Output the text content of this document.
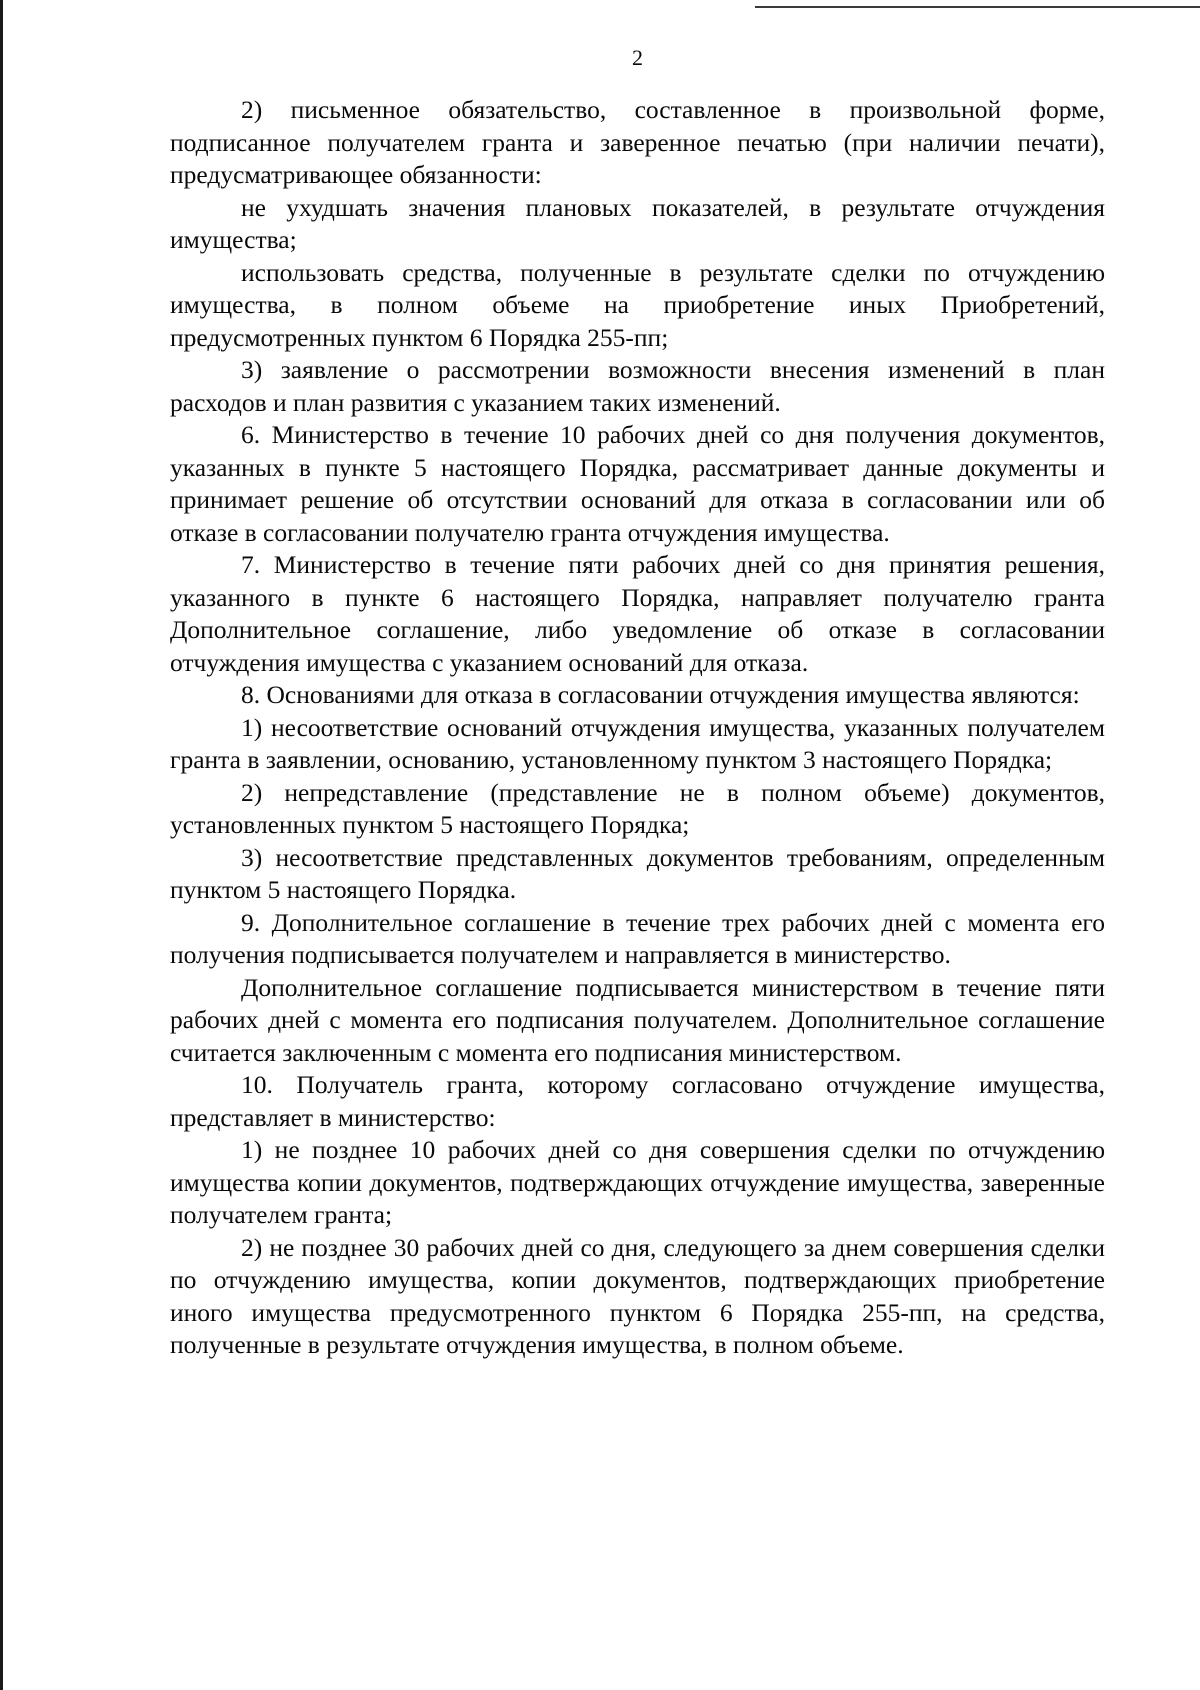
2

2) письменное обязательство, составленное в произвольной форме, подписанное получателем гранта и заверенное печатью (при наличии печати), предусматривающее обязанности:

не ухудшать значения плановых показателей, в результате отчуждения имущества;

использовать средства, полученные в результате сделки по отчуждению имущества, в полном объеме на приобретение иных Приобретений, предусмотренных пунктом 6 Порядка 255-пп;

3) заявление о рассмотрении возможности внесения изменений в план расходов и план развития с указанием таких изменений.

6. Министерство в течение 10 рабочих дней со дня получения документов, указанных в пункте 5 настоящего Порядка, рассматривает данные документы и принимает решение об отсутствии оснований для отказа в согласовании или об отказе в согласовании получателю гранта отчуждения имущества.

7. Министерство в течение пяти рабочих дней со дня принятия решения, указанного в пункте 6 настоящего Порядка, направляет получателю гранта Дополнительное соглашение, либо уведомление об отказе в согласовании отчуждения имущества с указанием оснований для отказа.

8. Основаниями для отказа в согласовании отчуждения имущества являются:

1) несоответствие оснований отчуждения имущества, указанных получателем гранта в заявлении, основанию, установленному пунктом 3 настоящего Порядка;

2) непредставление (представление не в полном объеме) документов, установленных пунктом 5 настоящего Порядка;

3) несоответствие представленных документов требованиям, определенным пунктом 5 настоящего Порядка.

9. Дополнительное соглашение в течение трех рабочих дней с момента его получения подписывается получателем и направляется в министерство.

Дополнительное соглашение подписывается министерством в течение пяти рабочих дней с момента его подписания получателем. Дополнительное соглашение считается заключенным с момента его подписания министерством.

10. Получатель гранта, которому согласовано отчуждение имущества, представляет в министерство:

1) не позднее 10 рабочих дней со дня совершения сделки по отчуждению имущества копии документов, подтверждающих отчуждение имущества, заверенные получателем гранта;

2) не позднее 30 рабочих дней со дня, следующего за днем совершения сделки по отчуждению имущества, копии документов, подтверждающих приобретение иного имущества предусмотренного пунктом 6 Порядка 255-пп, на средства, полученные в результате отчуждения имущества, в полном объеме.
